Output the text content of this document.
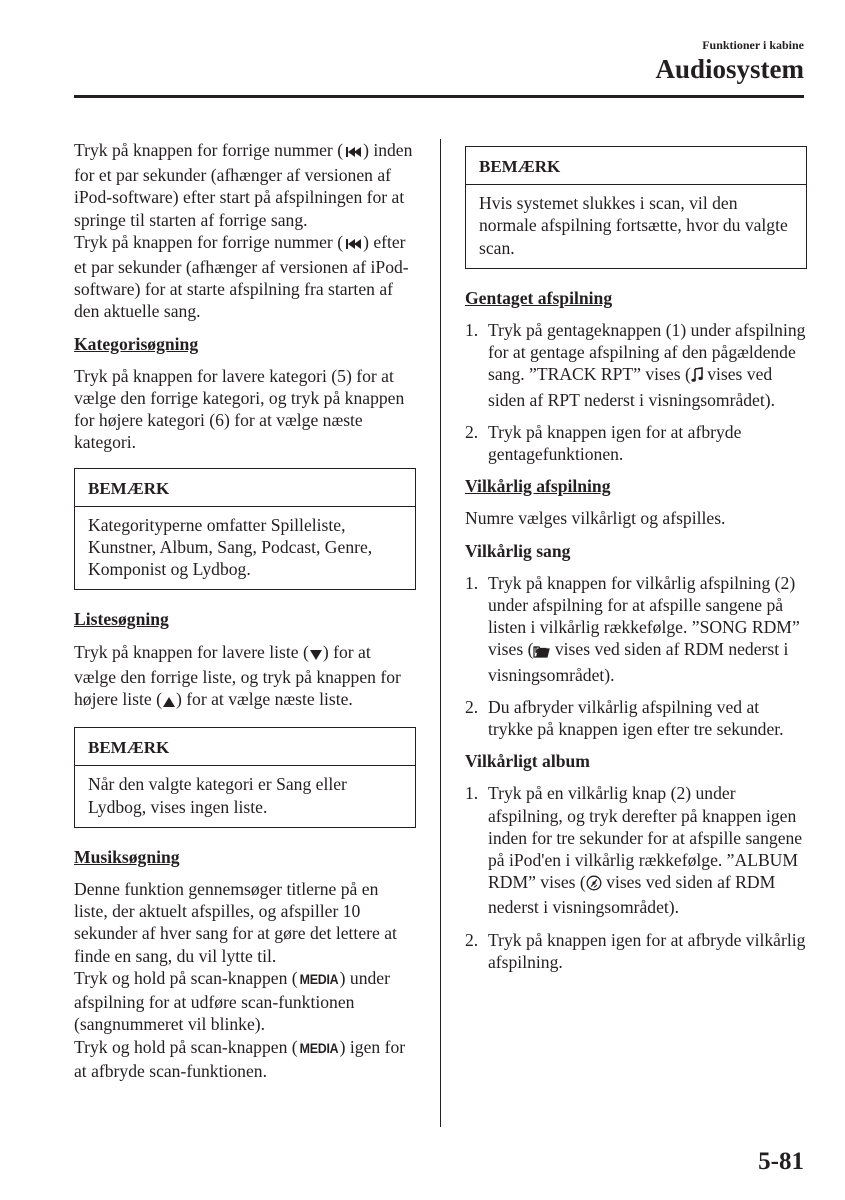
Funktioner i kabine
Audiosystem

Tryk på knappen for forrige nummer ( ) inden for et par sekunder (afhænger af versionen af iPod-software) efter start på afspilningen for at springe til starten af forrige sang.

Tryk på knappen for forrige nummer ( ) efter et par sekunder (afhænger af versionen af iPod-software) for at starte afspilning fra starten af den aktuelle sang.

Kategorisøgning

Tryk på knappen for lavere kategori (5) for at vælge den forrige kategori, og tryk på knappen for højere kategori (6) for at vælge næste kategori.

BEMÆRK
Kategorityperne omfatter Spilleliste, Kunstner, Album, Sang, Podcast, Genre, Komponist og Lydbog.
Listesøgning

Tryk på knappen for lavere liste ( ) for at vælge den forrige liste, og tryk på knappen for højere liste ( ) for at vælge næste liste.

BEMÆRK
Når den valgte kategori er Sang eller Lydbog, vises ingen liste.
Musiksøgning

Denne funktion gennemsøger titlerne på en liste, der aktuelt afspilles, og afspiller 10 sekunder af hver sang for at gøre det lettere at finde en sang, du vil lytte til.

Tryk og hold på scan-knappen ( MEDIA) under afspilning for at udføre scan-funktionen (sangnummeret vil blinke).

Tryk og hold på scan-knappen ( MEDIA) igen for at afbryde scan-funktionen.

BEMÆRK
Hvis systemet slukkes i scan, vil den normale afspilning fortsætte, hvor du valgte scan.
Gentaget afspilning
1. Tryk på gentageknappen (1) under afspilning for at gentage afspilning af den pågældende sang. ”TRACK RPT” vises ( vises ved siden af RPT nederst i visningsområdet).
2. Tryk på knappen igen for at afbryde gentagefunktionen.
Vilkårlig afspilning

Numre vælges vilkårligt og afspilles.

Vilkårlig sang
1. Tryk på knappen for vilkårlig afspilning (2) under afspilning for at afspille sangene på listen i vilkårlig rækkefølge. ”SONG RDM” vises ( vises ved siden af RDM nederst i visningsområdet).
2. Du afbryder vilkårlig afspilning ved at trykke på knappen igen efter tre sekunder.
Vilkårligt album
1. Tryk på en vilkårlig knap (2) under afspilning, og tryk derefter på knappen igen inden for tre sekunder for at afspille sangene på iPod'en i vilkårlig rækkefølge. ”ALBUM RDM” vises ( vises ved siden af RDM nederst i visningsområdet).
2. Tryk på knappen igen for at afbryde vilkårlig afspilning.
5-81
